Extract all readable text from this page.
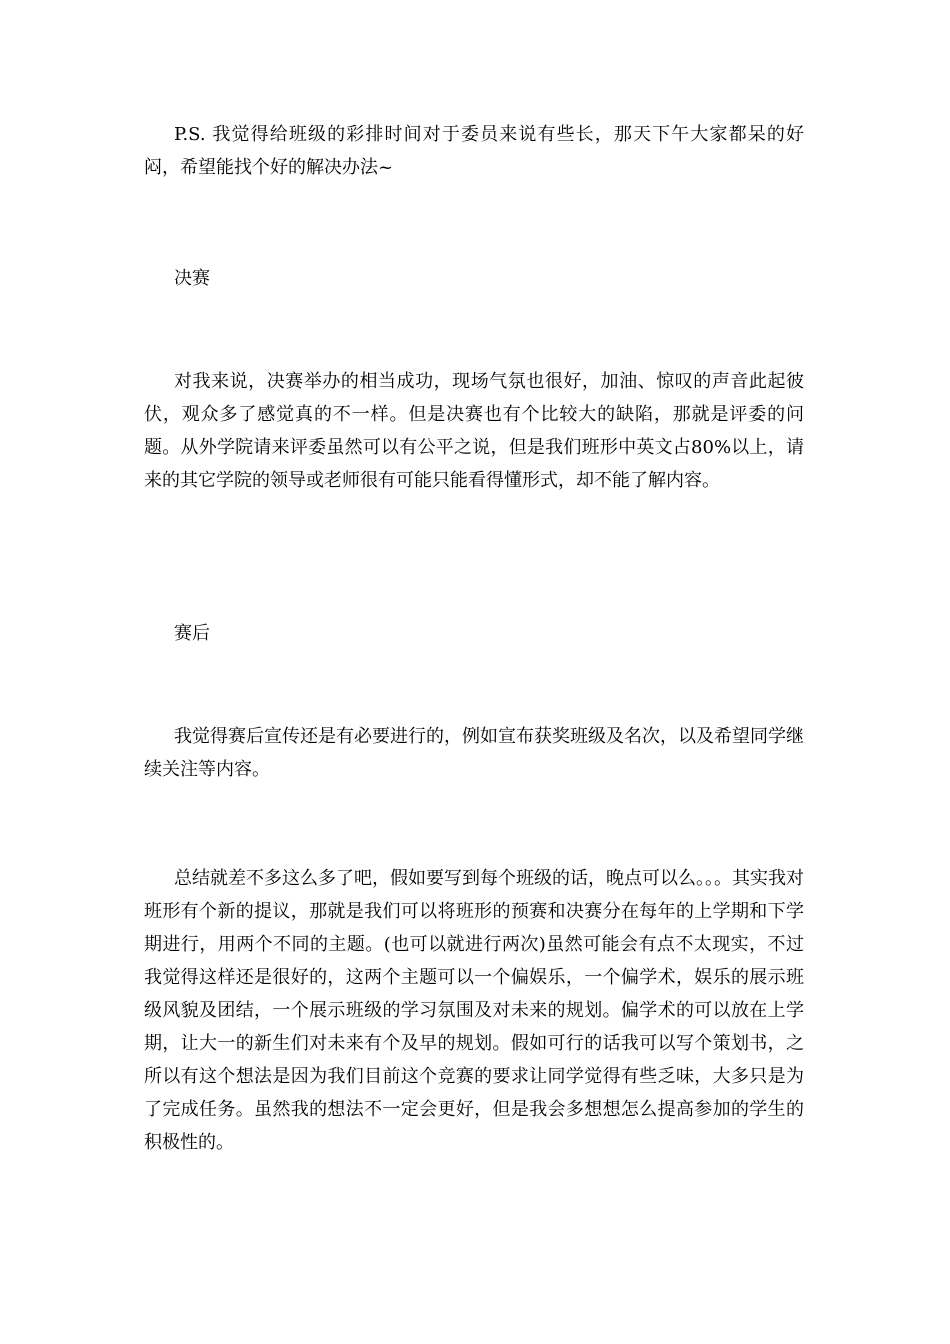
P.S. 我觉得给班级的彩排时间对于委员来说有些长，那天下午大家都呆的好闷，希望能找个好的解决办法~

决赛

对我来说，决赛举办的相当成功，现场气氛也很好，加油、惊叹的声音此起彼伏，观众多了感觉真的不一样。但是决赛也有个比较大的缺陷，那就是评委的问题。从外学院请来评委虽然可以有公平之说，但是我们班形中英文占80%以上，请来的其它学院的领导或老师很有可能只能看得懂形式，却不能了解内容。

赛后

我觉得赛后宣传还是有必要进行的，例如宣布获奖班级及名次，以及希望同学继续关注等内容。

总结就差不多这么多了吧，假如要写到每个班级的话，晚点可以么。。。其实我对班形有个新的提议，那就是我们可以将班形的预赛和决赛分在每年的上学期和下学期进行，用两个不同的主题。(也可以就进行两次)虽然可能会有点不太现实，不过我觉得这样还是很好的，这两个主题可以一个偏娱乐，一个偏学术，娱乐的展示班级风貌及团结，一个展示班级的学习氛围及对未来的规划。偏学术的可以放在上学期，让大一的新生们对未来有个及早的规划。假如可行的话我可以写个策划书，之所以有这个想法是因为我们目前这个竞赛的要求让同学觉得有些乏味，大多只是为了完成任务。虽然我的想法不一定会更好，但是我会多想想怎么提高参加的学生的积极性的。
